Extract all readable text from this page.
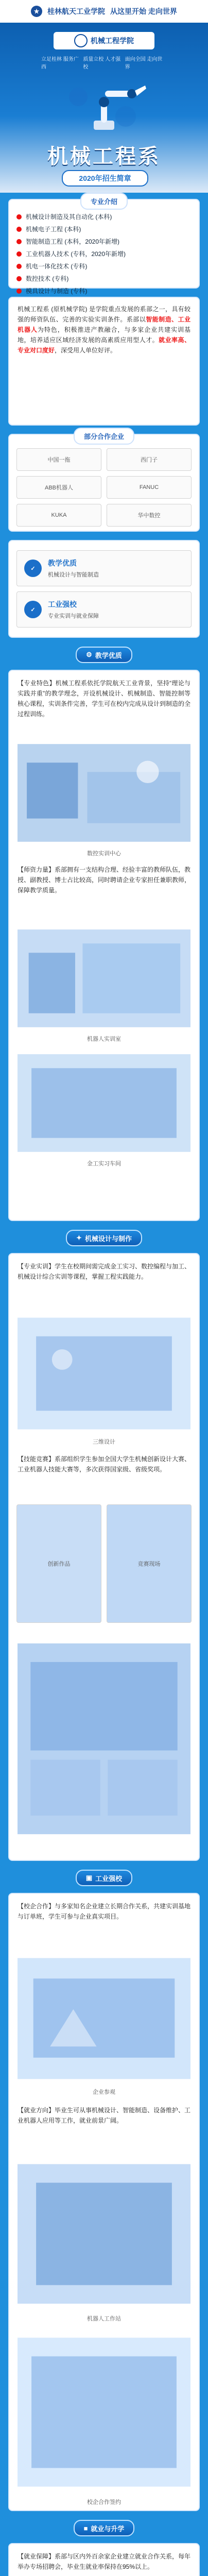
★	桂林航天工业学院 从这里开始 走向世界
机械工程学院
立足桂林 服务广西
质量立校 人才强校
面向全国 走向世界
机械工程系
2020年招生简章
专业介绍
机械设计制造及其自动化 (本科)
机械电子工程 (本科)
智能制造工程 (本科，2020年新增)
工业机器人技术 (专科，2020年新增)
机电一体化技术 (专科)
数控技术 (专科)
模具设计与制造 (专科)
机械工程系 (原机械学院) 是学院重点发展的系部之一，具有较强的师资队伍、完善的实验实训条件。系部以智能制造、工业机器人为特色，积极推进产教融合，与多家企业共建实训基地，培养适应区域经济发展的高素质应用型人才。就业率高、专业对口度好，深受用人单位好评。
部分合作企业
中国一拖	西门子
ABB机器人	FANUC
KUKA	华中数控
✓
教学优质
机械设计与智能制造
✓
工业强校
专业实训与就业保障
⚙ 教学优质
【专业特色】机械工程系依托学院航天工业背景，坚持“理论与实践并重”的教学理念，开设机械设计、机械制造、智能控制等核心课程，实训条件完善，学生可在校内完成从设计到制造的全过程训练。
数控实训中心
【师资力量】系部拥有一支结构合理、经验丰富的教师队伍，教授、副教授、博士占比较高，同时聘请企业专家担任兼职教师，保障教学质量。
机器人实训室
金工实习车间
✦ 机械设计与制作
【专业实训】学生在校期间需完成金工实习、数控编程与加工、机械设计综合实训等课程，掌握工程实践能力。
三维设计
【技能竞赛】系部组织学生参加全国大学生机械创新设计大赛、工业机器人技能大赛等，多次获得国家级、省级奖项。
创新作品	竞赛现场
▣ 工业强校
【校企合作】与多家知名企业建立长期合作关系，共建实训基地与订单班，学生可参与企业真实项目。
企业参观
【就业方向】毕业生可从事机械设计、智能制造、设备维护、工业机器人应用等工作，就业前景广阔。
机器人工作站
校企合作签约
■ 就业与升学
【就业保障】系部与区内外百余家企业建立就业合作关系，每年举办专场招聘会，毕业生就业率保持在95%以上。
